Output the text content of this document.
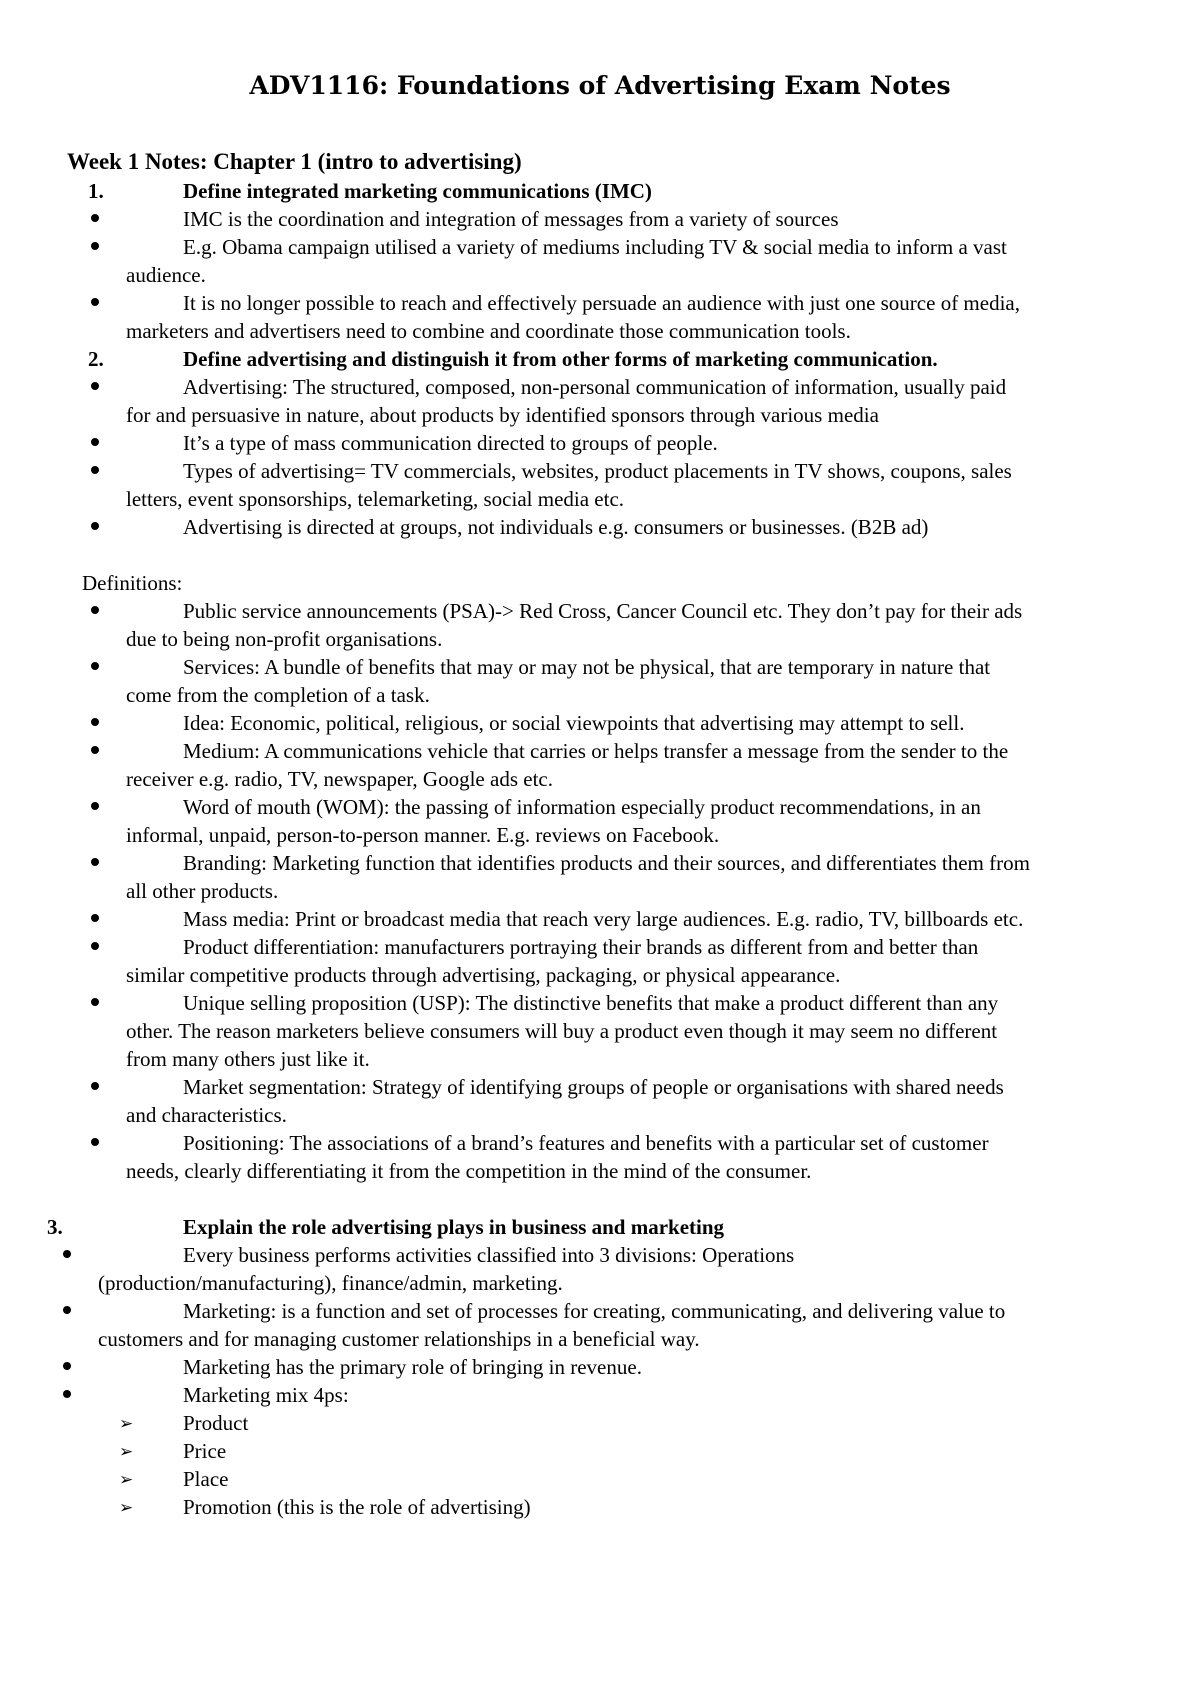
ADV1116: Foundations of Advertising Exam Notes
Week 1 Notes: Chapter 1 (intro to advertising)
1.	Define integrated marketing communications (IMC)
IMC is the coordination and integration of messages from a variety of sources
E.g. Obama campaign utilised a variety of mediums including TV & social media to inform a vast
audience.
It is no longer possible to reach and effectively persuade an audience with just one source of media,
marketers and advertisers need to combine and coordinate those communication tools.
2.	Define advertising and distinguish it from other forms of marketing communication.
Advertising: The structured, composed, non-personal communication of information, usually paid
for and persuasive in nature, about products by identified sponsors through various media
It’s a type of mass communication directed to groups of people.
Types of advertising= TV commercials, websites, product placements in TV shows, coupons, sales
letters, event sponsorships, telemarketing, social media etc.
Advertising is directed at groups, not individuals e.g. consumers or businesses. (B2B ad)
Definitions:
Public service announcements (PSA)-> Red Cross, Cancer Council etc. They don’t pay for their ads
due to being non-profit organisations.
Services: A bundle of benefits that may or may not be physical, that are temporary in nature that
come from the completion of a task.
Idea: Economic, political, religious, or social viewpoints that advertising may attempt to sell.
Medium: A communications vehicle that carries or helps transfer a message from the sender to the
receiver e.g. radio, TV, newspaper, Google ads etc.
Word of mouth (WOM): the passing of information especially product recommendations, in an
informal, unpaid, person-to-person manner. E.g. reviews on Facebook.
Branding: Marketing function that identifies products and their sources, and differentiates them from
all other products.
Mass media: Print or broadcast media that reach very large audiences. E.g. radio, TV, billboards etc.
Product differentiation: manufacturers portraying their brands as different from and better than
similar competitive products through advertising, packaging, or physical appearance.
Unique selling proposition (USP): The distinctive benefits that make a product different than any
other. The reason marketers believe consumers will buy a product even though it may seem no different
from many others just like it.
Market segmentation: Strategy of identifying groups of people or organisations with shared needs
and characteristics.
Positioning: The associations of a brand’s features and benefits with a particular set of customer
needs, clearly differentiating it from the competition in the mind of the consumer.
3.	Explain the role advertising plays in business and marketing
Every business performs activities classified into 3 divisions: Operations
(production/manufacturing), finance/admin, marketing.
Marketing: is a function and set of processes for creating, communicating, and delivering value to
customers and for managing customer relationships in a beneficial way.
Marketing has the primary role of bringing in revenue.
Marketing mix 4ps:
➢ Product
➢ Price
➢ Place
➢ Promotion (this is the role of advertising)
